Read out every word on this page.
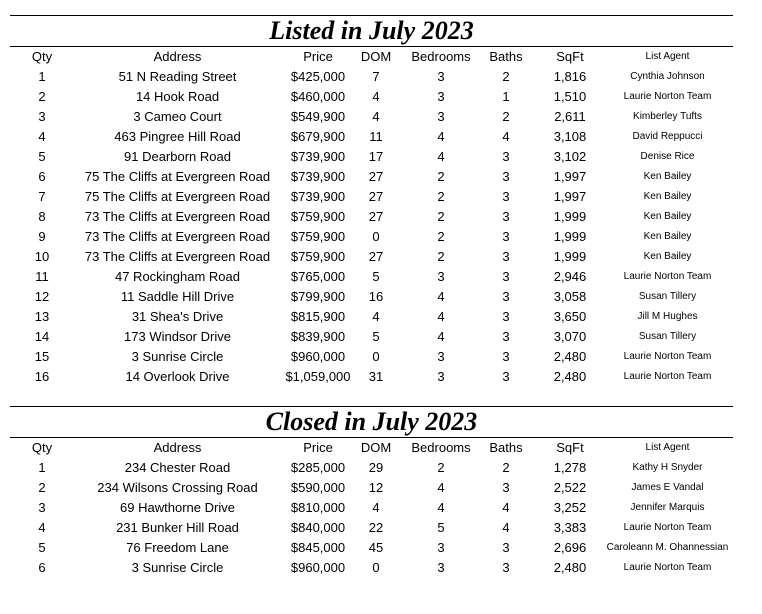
Listed in July 2023
Qty	Address	Price	DOM	Bedrooms	Baths	SqFt	List Agent
1	51 N Reading Street	$425,000	7	3	2	1,816	Cynthia Johnson
2	14 Hook Road	$460,000	4	3	1	1,510	Laurie Norton Team
3	3 Cameo Court	$549,900	4	3	2	2,611	Kimberley Tufts
4	463 Pingree Hill Road	$679,900	11	4	4	3,108	David Reppucci
5	91 Dearborn Road	$739,900	17	4	3	3,102	Denise Rice
6	75 The Cliffs at Evergreen Road	$739,900	27	2	3	1,997	Ken Bailey
7	75 The Cliffs at Evergreen Road	$739,900	27	2	3	1,997	Ken Bailey
8	73 The Cliffs at Evergreen Road	$759,900	27	2	3	1,999	Ken Bailey
9	73 The Cliffs at Evergreen Road	$759,900	0	2	3	1,999	Ken Bailey
10	73 The Cliffs at Evergreen Road	$759,900	27	2	3	1,999	Ken Bailey
11	47 Rockingham Road	$765,000	5	3	3	2,946	Laurie Norton Team
12	11 Saddle Hill Drive	$799,900	16	4	3	3,058	Susan Tillery
13	31 Shea's Drive	$815,900	4	4	3	3,650	Jill M Hughes
14	173 Windsor Drive	$839,900	5	4	3	3,070	Susan Tillery
15	3 Sunrise Circle	$960,000	0	3	3	2,480	Laurie Norton Team
16	14 Overlook Drive	$1,059,000	31	3	3	2,480	Laurie Norton Team
Closed in July 2023
Qty	Address	Price	DOM	Bedrooms	Baths	SqFt	List Agent
1	234 Chester Road	$285,000	29	2	2	1,278	Kathy H Snyder
2	234 Wilsons Crossing Road	$590,000	12	4	3	2,522	James E Vandal
3	69 Hawthorne Drive	$810,000	4	4	4	3,252	Jennifer Marquis
4	231 Bunker Hill Road	$840,000	22	5	4	3,383	Laurie Norton Team
5	76 Freedom Lane	$845,000	45	3	3	2,696	Caroleann M. Ohannessian
6	3 Sunrise Circle	$960,000	0	3	3	2,480	Laurie Norton Team
